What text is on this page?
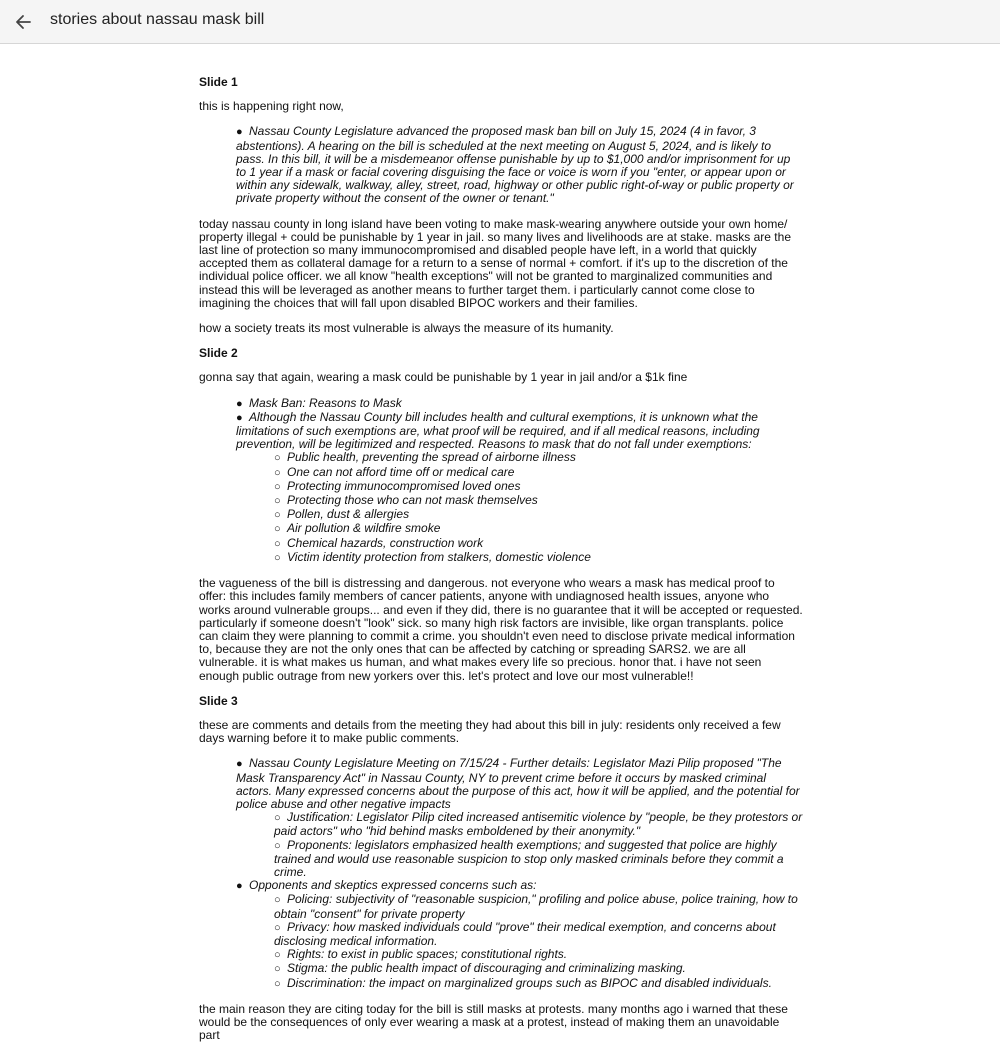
stories about nassau mask bill
Slide 1

this is happening right now,

● Nassau County Legislature advanced the proposed mask ban bill on July 15, 2024 (4 in favor, 3 abstentions). A hearing on the bill is scheduled at the next meeting on August 5, 2024, and is likely to pass. In this bill, it will be a misdemeanor offense punishable by up to $1,000 and/or imprisonment for up to 1 year if a mask or facial covering disguising the face or voice is worn if you "enter, or appear upon or within any sidewalk, walkway, alley, street, road, highway or other public right-of-way or public property or private property without the consent of the owner or tenant."

today nassau county in long island have been voting to make mask-wearing anywhere outside your own home/ property illegal + could be punishable by 1 year in jail. so many lives and livelihoods are at stake. masks are the last line of protection so many immunocompromised and disabled people have left, in a world that quickly accepted them as collateral damage for a return to a sense of normal + comfort. if it's up to the discretion of the individual police officer. we all know "health exceptions" will not be granted to marginalized communities and instead this will be leveraged as another means to further target them. i particularly cannot come close to imagining the choices that will fall upon disabled BIPOC workers and their families.

how a society treats its most vulnerable is always the measure of its humanity.

Slide 2

gonna say that again, wearing a mask could be punishable by 1 year in jail and/or a $1k fine

● Mask Ban: Reasons to Mask
● Although the Nassau County bill includes health and cultural exemptions, it is unknown what the limitations of such exemptions are, what proof will be required, and if all medical reasons, including prevention, will be legitimized and respected. Reasons to mask that do not fall under exemptions:
○ Public health, preventing the spread of airborne illness
○ One can not afford time off or medical care
○ Protecting immunocompromised loved ones
○ Protecting those who can not mask themselves
○ Pollen, dust & allergies
○ Air pollution & wildfire smoke
○ Chemical hazards, construction work
○ Victim identity protection from stalkers, domestic violence

the vagueness of the bill is distressing and dangerous. not everyone who wears a mask has medical proof to offer: this includes family members of cancer patients, anyone with undiagnosed health issues, anyone who works around vulnerable groups... and even if they did, there is no guarantee that it will be accepted or requested. particularly if someone doesn't "look" sick. so many high risk factors are invisible, like organ transplants. police can claim they were planning to commit a crime. you shouldn't even need to disclose private medical information to, because they are not the only ones that can be affected by catching or spreading SARS2. we are all vulnerable. it is what makes us human, and what makes every life so precious. honor that. i have not seen enough public outrage from new yorkers over this. let's protect and love our most vulnerable!!

Slide 3

these are comments and details from the meeting they had about this bill in july: residents only received a few days warning before it to make public comments.

● Nassau County Legislature Meeting on 7/15/24 - Further details: Legislator Mazi Pilip proposed "The Mask Transparency Act" in Nassau County, NY to prevent crime before it occurs by masked criminal actors. Many expressed concerns about the purpose of this act, how it will be applied, and the potential for police abuse and other negative impacts
○ Justification: Legislator Pilip cited increased antisemitic violence by "people, be they protestors or paid actors" who "hid behind masks emboldened by their anonymity."
○ Proponents: legislators emphasized health exemptions; and suggested that police are highly trained and would use reasonable suspicion to stop only masked criminals before they commit a crime.
● Opponents and skeptics expressed concerns such as:
○ Policing: subjectivity of "reasonable suspicion," profiling and police abuse, police training, how to obtain "consent" for private property
○ Privacy: how masked individuals could "prove" their medical exemption, and concerns about disclosing medical information.
○ Rights: to exist in public spaces; constitutional rights.
○ Stigma: the public health impact of discouraging and criminalizing masking.
○ Discrimination: the impact on marginalized groups such as BIPOC and disabled individuals.

the main reason they are citing today for the bill is still masks at protests. many months ago i warned that these would be the consequences of only ever wearing a mask at a protest, instead of making them an unavoidable part
